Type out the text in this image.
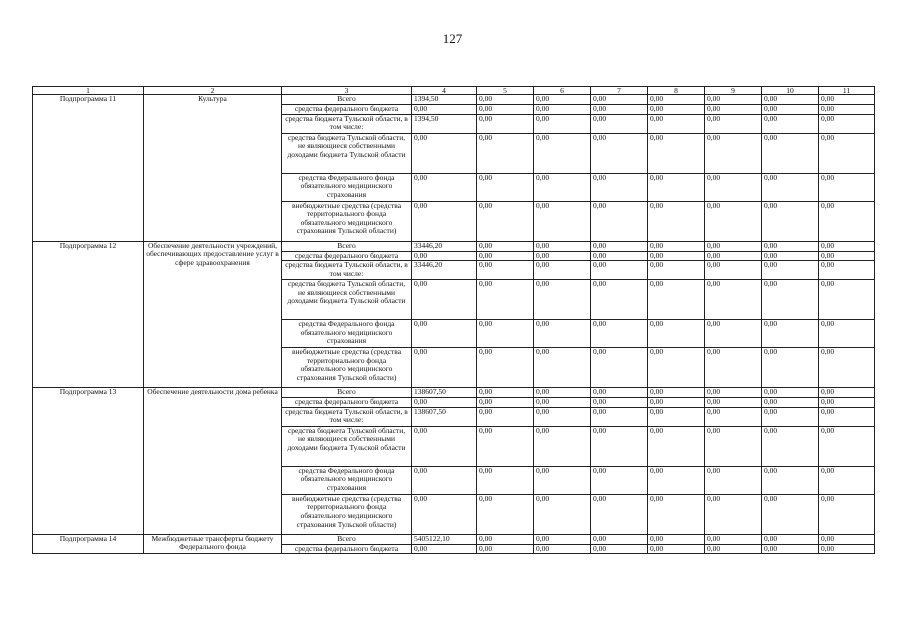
127
1	2	3	4	5	6	7	8	9	10	11
Подпрограмма 11	Культура	Всего	1394,50	0,00	0,00	0,00	0,00	0,00	0,00	0,00
		средства федерального бюджета	0,00	0,00	0,00	0,00	0,00	0,00	0,00	0,00
		средства бюджета Тульской области, в том числе:	1394,50	0,00	0,00	0,00	0,00	0,00	0,00	0,00
		средства бюджета Тульской области, не являющиеся собственными доходами бюджета Тульской области	0,00	0,00	0,00	0,00	0,00	0,00	0,00	0,00
		средства Федерального фонда обязательного медицинского страхования	0,00	0,00	0,00	0,00	0,00	0,00	0,00	0,00
		внебюджетные средства (средства территориального фонда обязательного медицинского страхования Тульской области)	0,00	0,00	0,00	0,00	0,00	0,00	0,00	0,00
Подпрограмма 12	Обеспечение деятельности учреждений, обеспечивающих предоставление услуг в сфере здравоохранения	Всего	33446,20	0,00	0,00	0,00	0,00	0,00	0,00	0,00
		средства федерального бюджета	0,00	0,00	0,00	0,00	0,00	0,00	0,00	0,00
		средства бюджета Тульской области, в том числе:	33446,20	0,00	0,00	0,00	0,00	0,00	0,00	0,00
		средства бюджета Тульской области, не являющиеся собственными доходами бюджета Тульской области	0,00	0,00	0,00	0,00	0,00	0,00	0,00	0,00
		средства Федерального фонда обязательного медицинского страхования	0,00	0,00	0,00	0,00	0,00	0,00	0,00	0,00
		внебюджетные средства (средства территориального фонда обязательного медицинского страхования Тульской области)	0,00	0,00	0,00	0,00	0,00	0,00	0,00	0,00
Подпрограмма 13	Обеспечение деятельности дома ребенка	Всего	138607,50	0,00	0,00	0,00	0,00	0,00	0,00	0,00
		средства федерального бюджета	0,00	0,00	0,00	0,00	0,00	0,00	0,00	0,00
		средства бюджета Тульской области, в том числе:	138607,50	0,00	0,00	0,00	0,00	0,00	0,00	0,00
		средства бюджета Тульской области, не являющиеся собственными доходами бюджета Тульской области	0,00	0,00	0,00	0,00	0,00	0,00	0,00	0,00
		средства Федерального фонда обязательного медицинского страхования	0,00	0,00	0,00	0,00	0,00	0,00	0,00	0,00
		внебюджетные средства (средства территориального фонда обязательного медицинского страхования Тульской области)	0,00	0,00	0,00	0,00	0,00	0,00	0,00	0,00
Подпрограмма 14	Межбюджетные трансферты бюджету Федерального фонда	Всего	5405122,10	0,00	0,00	0,00	0,00	0,00	0,00	0,00
		средства федерального бюджета	0,00	0,00	0,00	0,00	0,00	0,00	0,00	0,00
